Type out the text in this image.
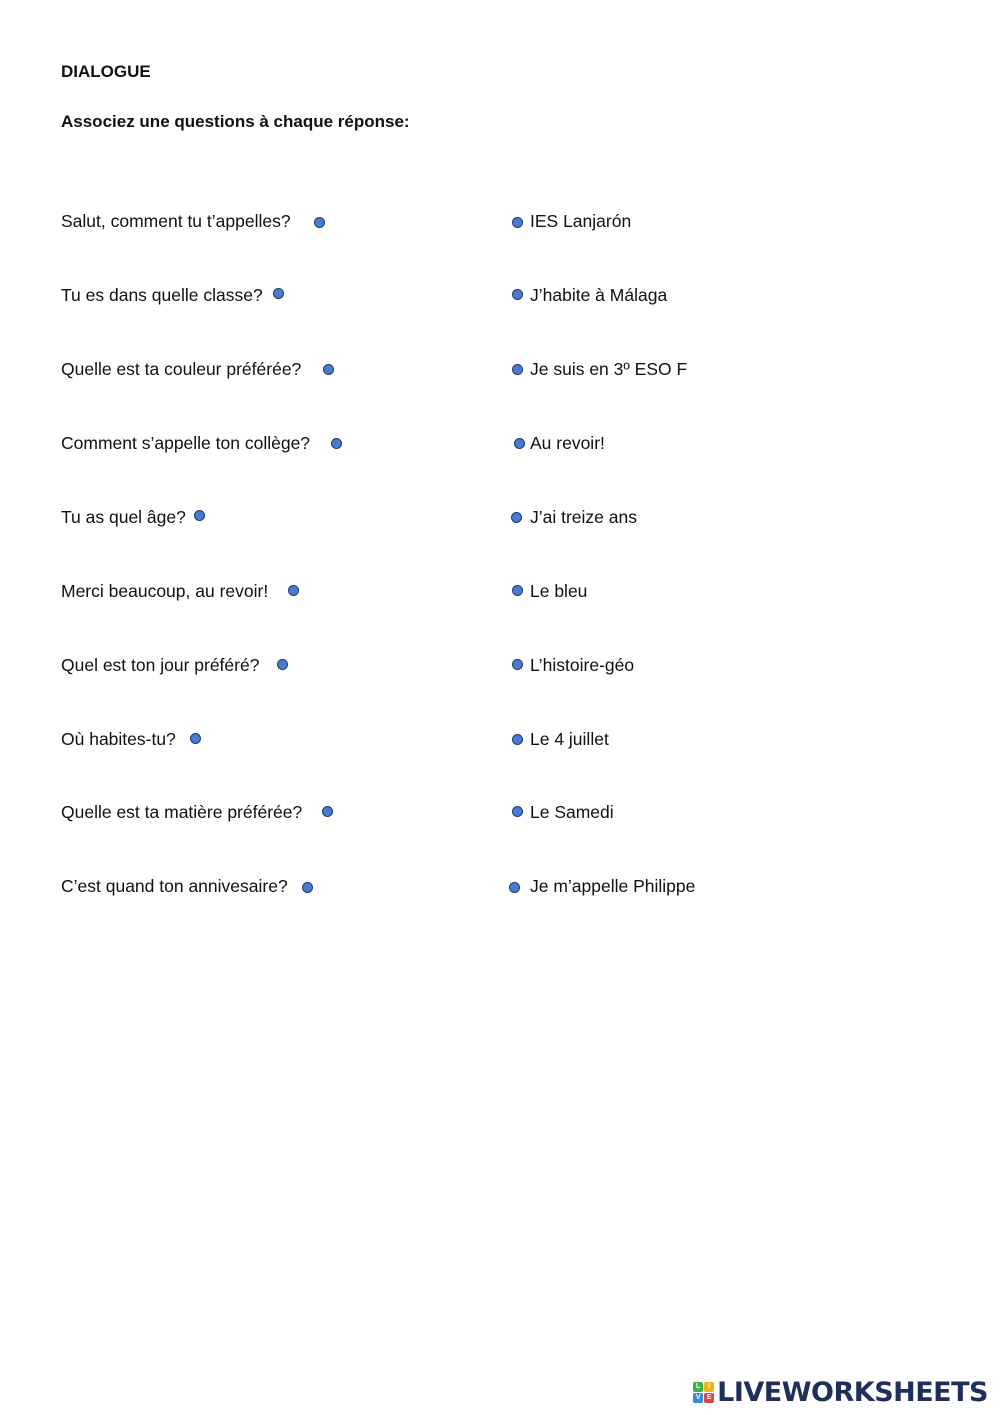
DIALOGUE
Associez une questions à chaque réponse:
Salut, comment tu t’appelles?	IES Lanjarón
Tu es dans quelle classe?	J’habite à Málaga
Quelle est ta couleur préférée?	Je suis en 3º ESO F
Comment s’appelle ton collège?	Au revoir!
Tu as quel âge?	J’ai treize ans
Merci beaucoup, au revoir!	Le bleu
Quel est ton jour préféré?	L’histoire-géo
Où habites-tu?	Le 4 juillet
Quelle est ta matière préférée?	Le Samedi
C’est quand ton annivesaire?	Je m’appelle Philippe
L	I
V E LIVEWORKSHEETS
